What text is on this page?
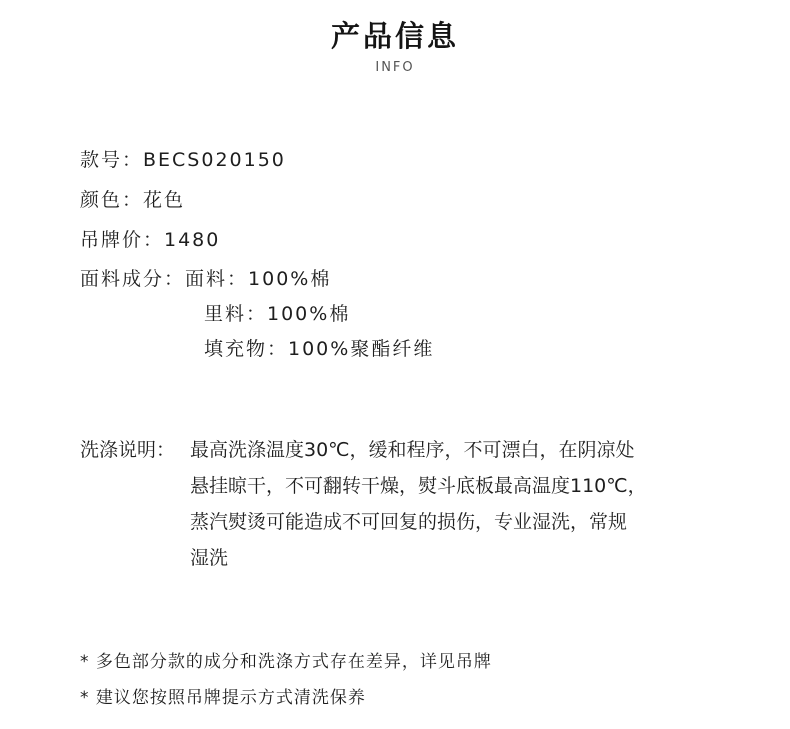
产品信息
INFO
款号：BECS020150
颜色：花色
吊牌价：1480
面料成分：面料：100%棉
里料：100%棉
填充物：100%聚酯纤维
洗涤说明： 最高洗涤温度30℃，缓和程序，不可漂白，在阴凉处
悬挂晾干，不可翻转干燥，熨斗底板最高温度110℃，
蒸汽熨烫可能造成不可回复的损伤，专业湿洗，常规
湿洗
* 多色部分款的成分和洗涤方式存在差异，详见吊牌
* 建议您按照吊牌提示方式清洗保养
